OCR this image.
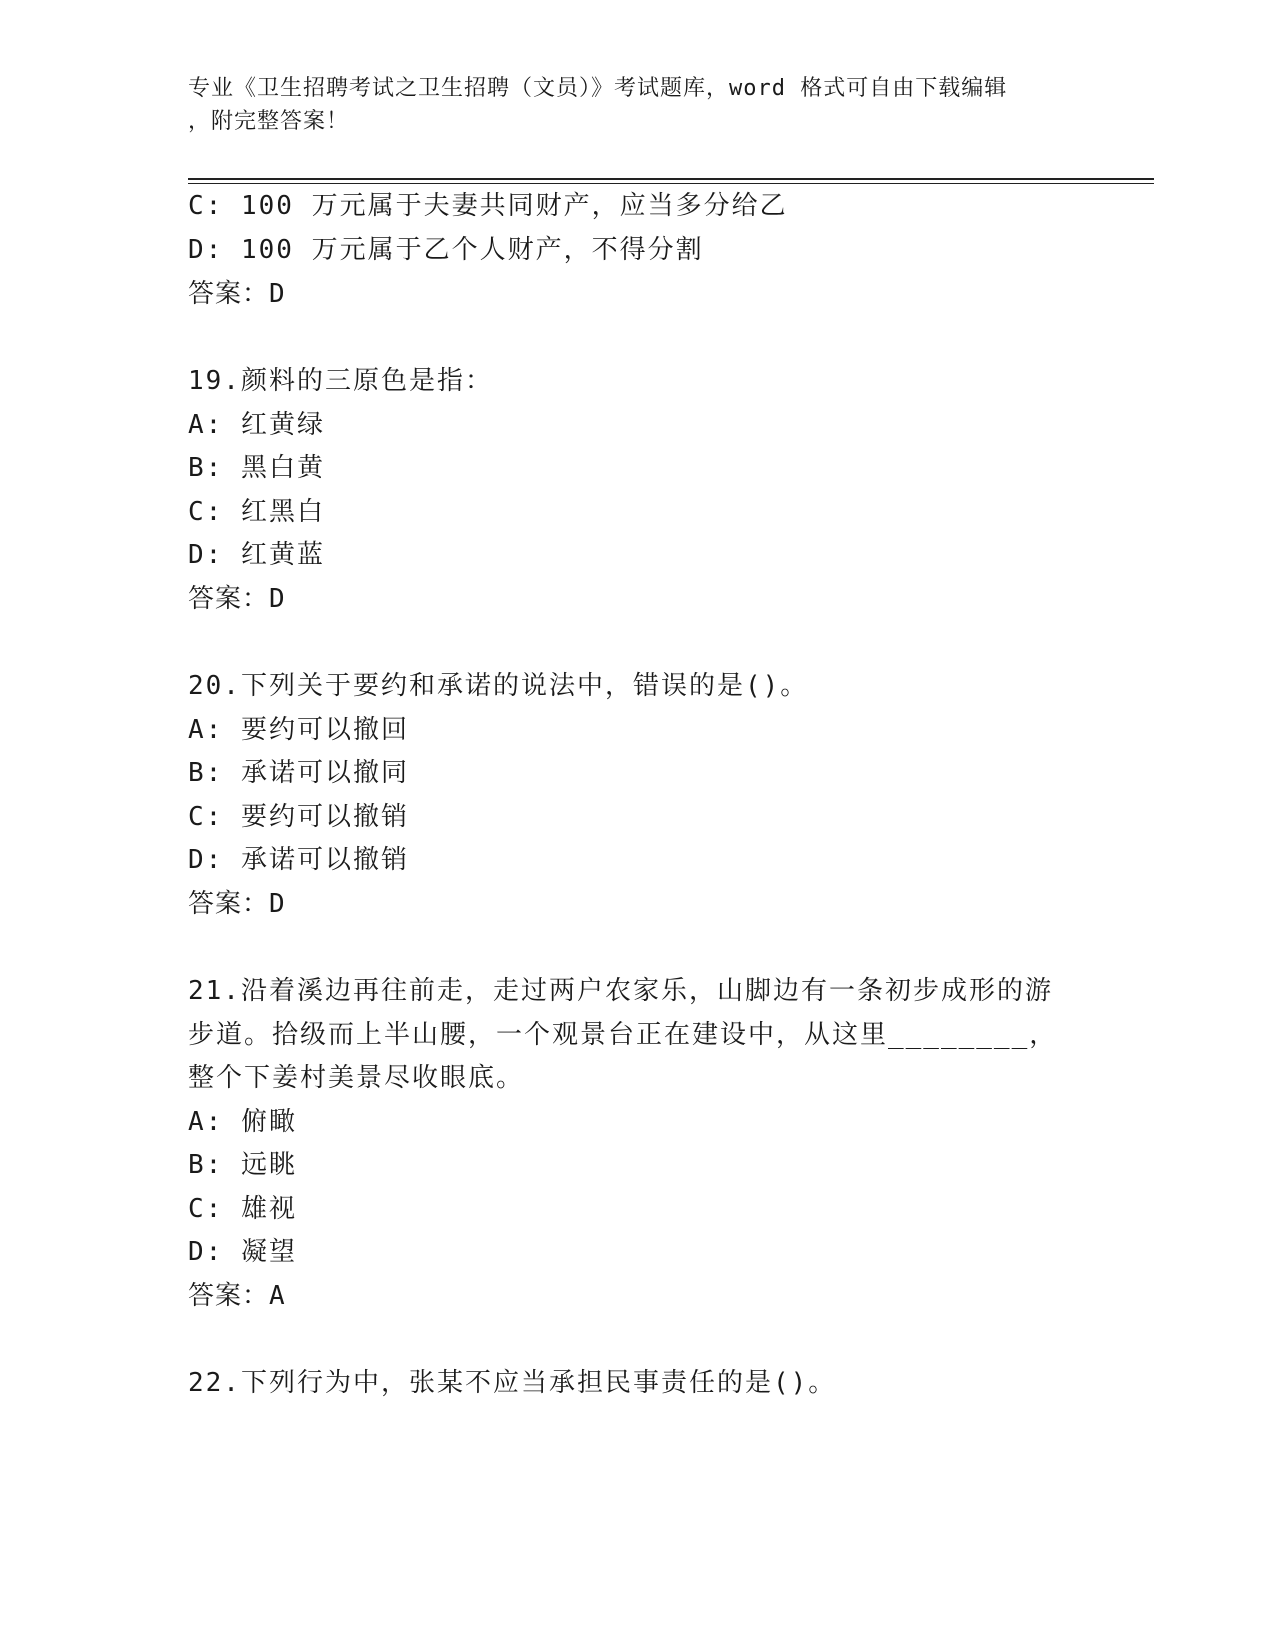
专业《卫生招聘考试之卫生招聘（文员）》考试题库，word 格式可自由下载编辑
，附完整答案！
C: 100 万元属于夫妻共同财产，应当多分给乙
D: 100 万元属于乙个人财产，不得分割
答案：D
19.颜料的三原色是指：
A: 红黄绿
B: 黑白黄
C: 红黑白
D: 红黄蓝
答案：D
20.下列关于要约和承诺的说法中，错误的是()。
A: 要约可以撤回
B: 承诺可以撤同
C: 要约可以撤销
D: 承诺可以撤销
答案：D
21.沿着溪边再往前走，走过两户农家乐，山脚边有一条初步成形的游
步道。拾级而上半山腰，一个观景台正在建设中，从这里________，
整个下姜村美景尽收眼底。
A: 俯瞰
B: 远眺
C: 雄视
D: 凝望
答案：A
22.下列行为中，张某不应当承担民事责任的是()。
